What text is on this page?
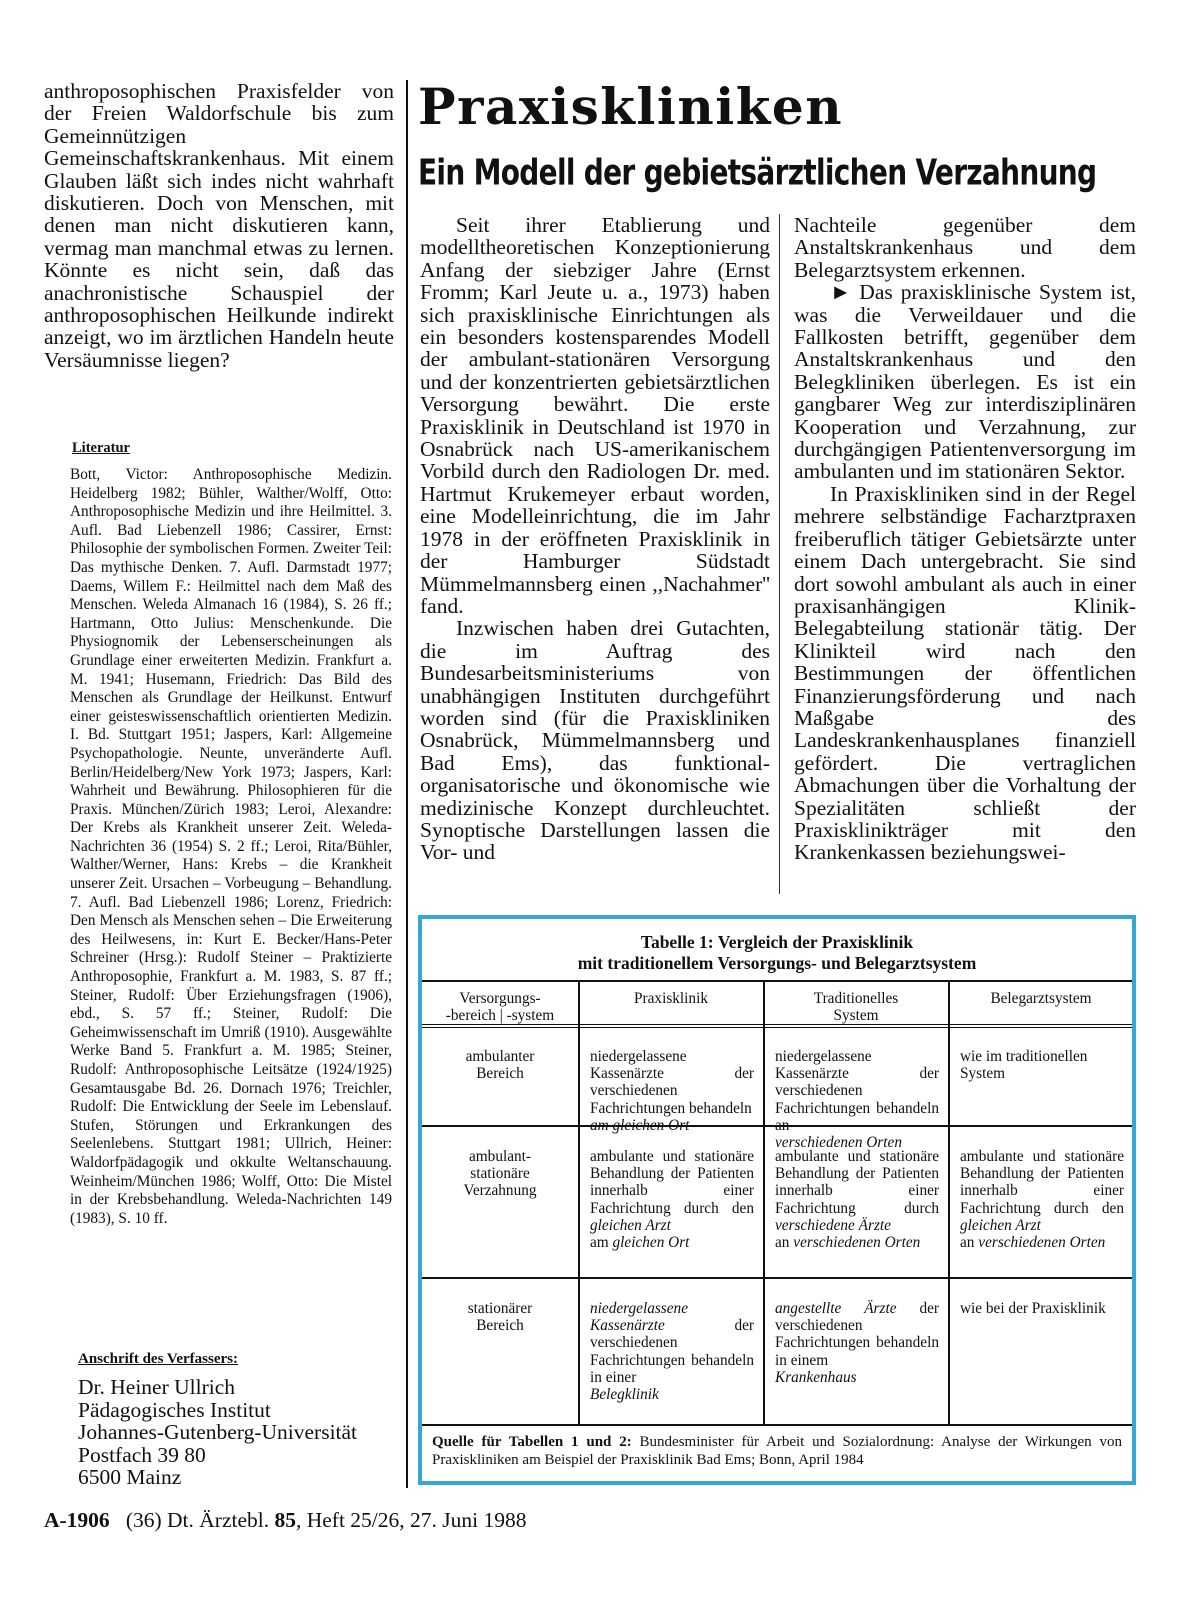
anthroposophischen Praxisfelder von der Freien Waldorfschule bis zum Gemeinnützigen Gemeinschaftskrankenhaus. Mit einem Glauben läßt sich indes nicht wahrhaft diskutieren. Doch von Menschen, mit denen man nicht diskutieren kann, vermag man manchmal etwas zu lernen. Könnte es nicht sein, daß das anachronistische Schauspiel der anthroposophischen Heilkunde indirekt anzeigt, wo im ärztlichen Handeln heute Versäumnisse liegen?

Literatur
Bott, Victor: Anthroposophische Medizin. Heidelberg 1982; Bühler, Walther/Wolff, Otto: Anthroposophische Medizin und ihre Heilmittel. 3. Aufl. Bad Liebenzell 1986; Cassirer, Ernst: Philosophie der symbolischen Formen. Zweiter Teil: Das mythische Denken. 7. Aufl. Darmstadt 1977; Daems, Willem F.: Heilmittel nach dem Maß des Menschen. Weleda Almanach 16 (1984), S. 26 ff.; Hartmann, Otto Julius: Menschenkunde. Die Physiognomik der Lebenserscheinungen als Grundlage einer erweiterten Medizin. Frankfurt a. M. 1941; Husemann, Friedrich: Das Bild des Menschen als Grundlage der Heilkunst. Entwurf einer geisteswissenschaftlich orientierten Medizin. I. Bd. Stuttgart 1951; Jaspers, Karl: Allgemeine Psychopathologie. Neunte, unveränderte Aufl. Berlin/Heidelberg/New York 1973; Jaspers, Karl: Wahrheit und Bewährung. Philosophieren für die Praxis. München/Zürich 1983; Leroi, Alexandre: Der Krebs als Krankheit unserer Zeit. Weleda-Nachrichten 36 (1954) S. 2 ff.; Leroi, Rita/Bühler, Walther/Werner, Hans: Krebs – die Krankheit unserer Zeit. Ursachen – Vorbeugung – Behandlung. 7. Aufl. Bad Liebenzell 1986; Lorenz, Friedrich: Den Mensch als Menschen sehen – Die Erweiterung des Heilwesens, in: Kurt E. Becker/Hans-Peter Schreiner (Hrsg.): Rudolf Steiner – Praktizierte Anthroposophie, Frankfurt a. M. 1983, S. 87 ff.; Steiner, Rudolf: Über Erziehungsfragen (1906), ebd., S. 57 ff.; Steiner, Rudolf: Die Geheimwissenschaft im Umriß (1910). Ausgewählte Werke Band 5. Frankfurt a. M. 1985; Steiner, Rudolf: Anthroposophische Leitsätze (1924/1925) Gesamtausgabe Bd. 26. Dornach 1976; Treichler, Rudolf: Die Entwicklung der Seele im Lebenslauf. Stufen, Störungen und Erkrankungen des Seelenlebens. Stuttgart 1981; Ullrich, Heiner: Waldorfpädagogik und okkulte Weltanschauung. Weinheim/München 1986; Wolff, Otto: Die Mistel in der Krebsbehandlung. Weleda-Nachrichten 149 (1983), S. 10 ff.
Anschrift des Verfassers:
Dr. Heiner Ullrich
Pädagogisches Institut
Johannes-Gutenberg-Universität
Postfach 39 80
6500 Mainz
Praxiskliniken
Ein Modell der gebietsärztlichen Verzahnung

Seit ihrer Etablierung und modelltheoretischen Konzeptionierung Anfang der siebziger Jahre (Ernst Fromm; Karl Jeute u. a., 1973) haben sich praxisklinische Einrichtungen als ein besonders kostensparendes Modell der ambulant-stationären Versorgung und der konzentrierten gebietsärztlichen Versorgung bewährt. Die erste Praxisklinik in Deutschland ist 1970 in Osnabrück nach US-amerikanischem Vorbild durch den Radiologen Dr. med. Hartmut Krukemeyer erbaut worden, eine Modelleinrichtung, die im Jahr 1978 in der eröffneten Praxisklinik in der Hamburger Südstadt Mümmelmannsberg einen ,,Nachahmer'' fand.

Inzwischen haben drei Gutachten, die im Auftrag des Bundesarbeitsministeriums von unabhängigen Instituten durchgeführt worden sind (für die Praxiskliniken Osnabrück, Mümmelmannsberg und Bad Ems), das funktional-organisatorische und ökonomische wie medizinische Konzept durchleuchtet. Synoptische Darstellungen lassen die Vor- und

Nachteile gegenüber dem Anstaltskrankenhaus und dem Belegarztsystem erkennen.

► Das praxisklinische System ist, was die Verweildauer und die Fallkosten betrifft, gegenüber dem Anstaltskrankenhaus und den Belegkliniken überlegen. Es ist ein gangbarer Weg zur interdisziplinären Kooperation und Verzahnung, zur durchgängigen Patientenversorgung im ambulanten und im stationären Sektor.

In Praxiskliniken sind in der Regel mehrere selbständige Facharztpraxen freiberuflich tätiger Gebietsärzte unter einem Dach untergebracht. Sie sind dort sowohl ambulant als auch in einer praxisanhängigen Klinik-Belegabteilung stationär tätig. Der Klinikteil wird nach den Bestimmungen der öffentlichen Finanzierungsförderung und nach Maßgabe des Landeskrankenhausplanes finanziell gefördert. Die vertraglichen Abmachungen über die Vorhaltung der Spezialitäten schließt der Praxisklinikträger mit den Krankenkassen beziehungswei-

Tabelle 1: Vergleich der Praxisklinik
mit traditionellem Versorgungs- und Belegarztsystem
Versorgungs-
-bereich | -system
Praxisklinik	Traditionelles
System
Belegarztsystem
ambulanter
Bereich
niedergelassene Kassenärzte der verschiedenen Fachrichtungen behandeln
am gleichen Ort
niedergelassene Kassenärzte der verschiedenen Fachrichtungen behandeln an
verschiedenen Orten
wie im traditionellen System
ambulant-
stationäre
Verzahnung
ambulante und stationäre Behandlung der Patienten innerhalb einer Fachrichtung durch den gleichen Arzt
am gleichen Ort
ambulante und stationäre Behandlung der Patienten innerhalb einer Fachrichtung durch verschiedene Ärzte
an verschiedenen Orten
ambulante und stationäre Behandlung der Patienten innerhalb einer Fachrichtung durch den gleichen Arzt
an verschiedenen Orten
stationärer
Bereich
niedergelassene Kassenärzte	der verschiedenen Fachrichtungen behandeln in einer
Belegklinik
angestellte Ärzte der verschiedenen Fachrichtungen behandeln in einem
Krankenhaus
wie bei der Praxisklinik
Quelle für Tabellen 1 und 2: Bundesminister für Arbeit und Sozialordnung: Analyse der Wirkungen von Praxiskliniken am Beispiel der Praxisklinik Bad Ems; Bonn, April 1984
A-1906 (36) Dt. Ärztebl. 85, Heft 25/26, 27. Juni 1988
